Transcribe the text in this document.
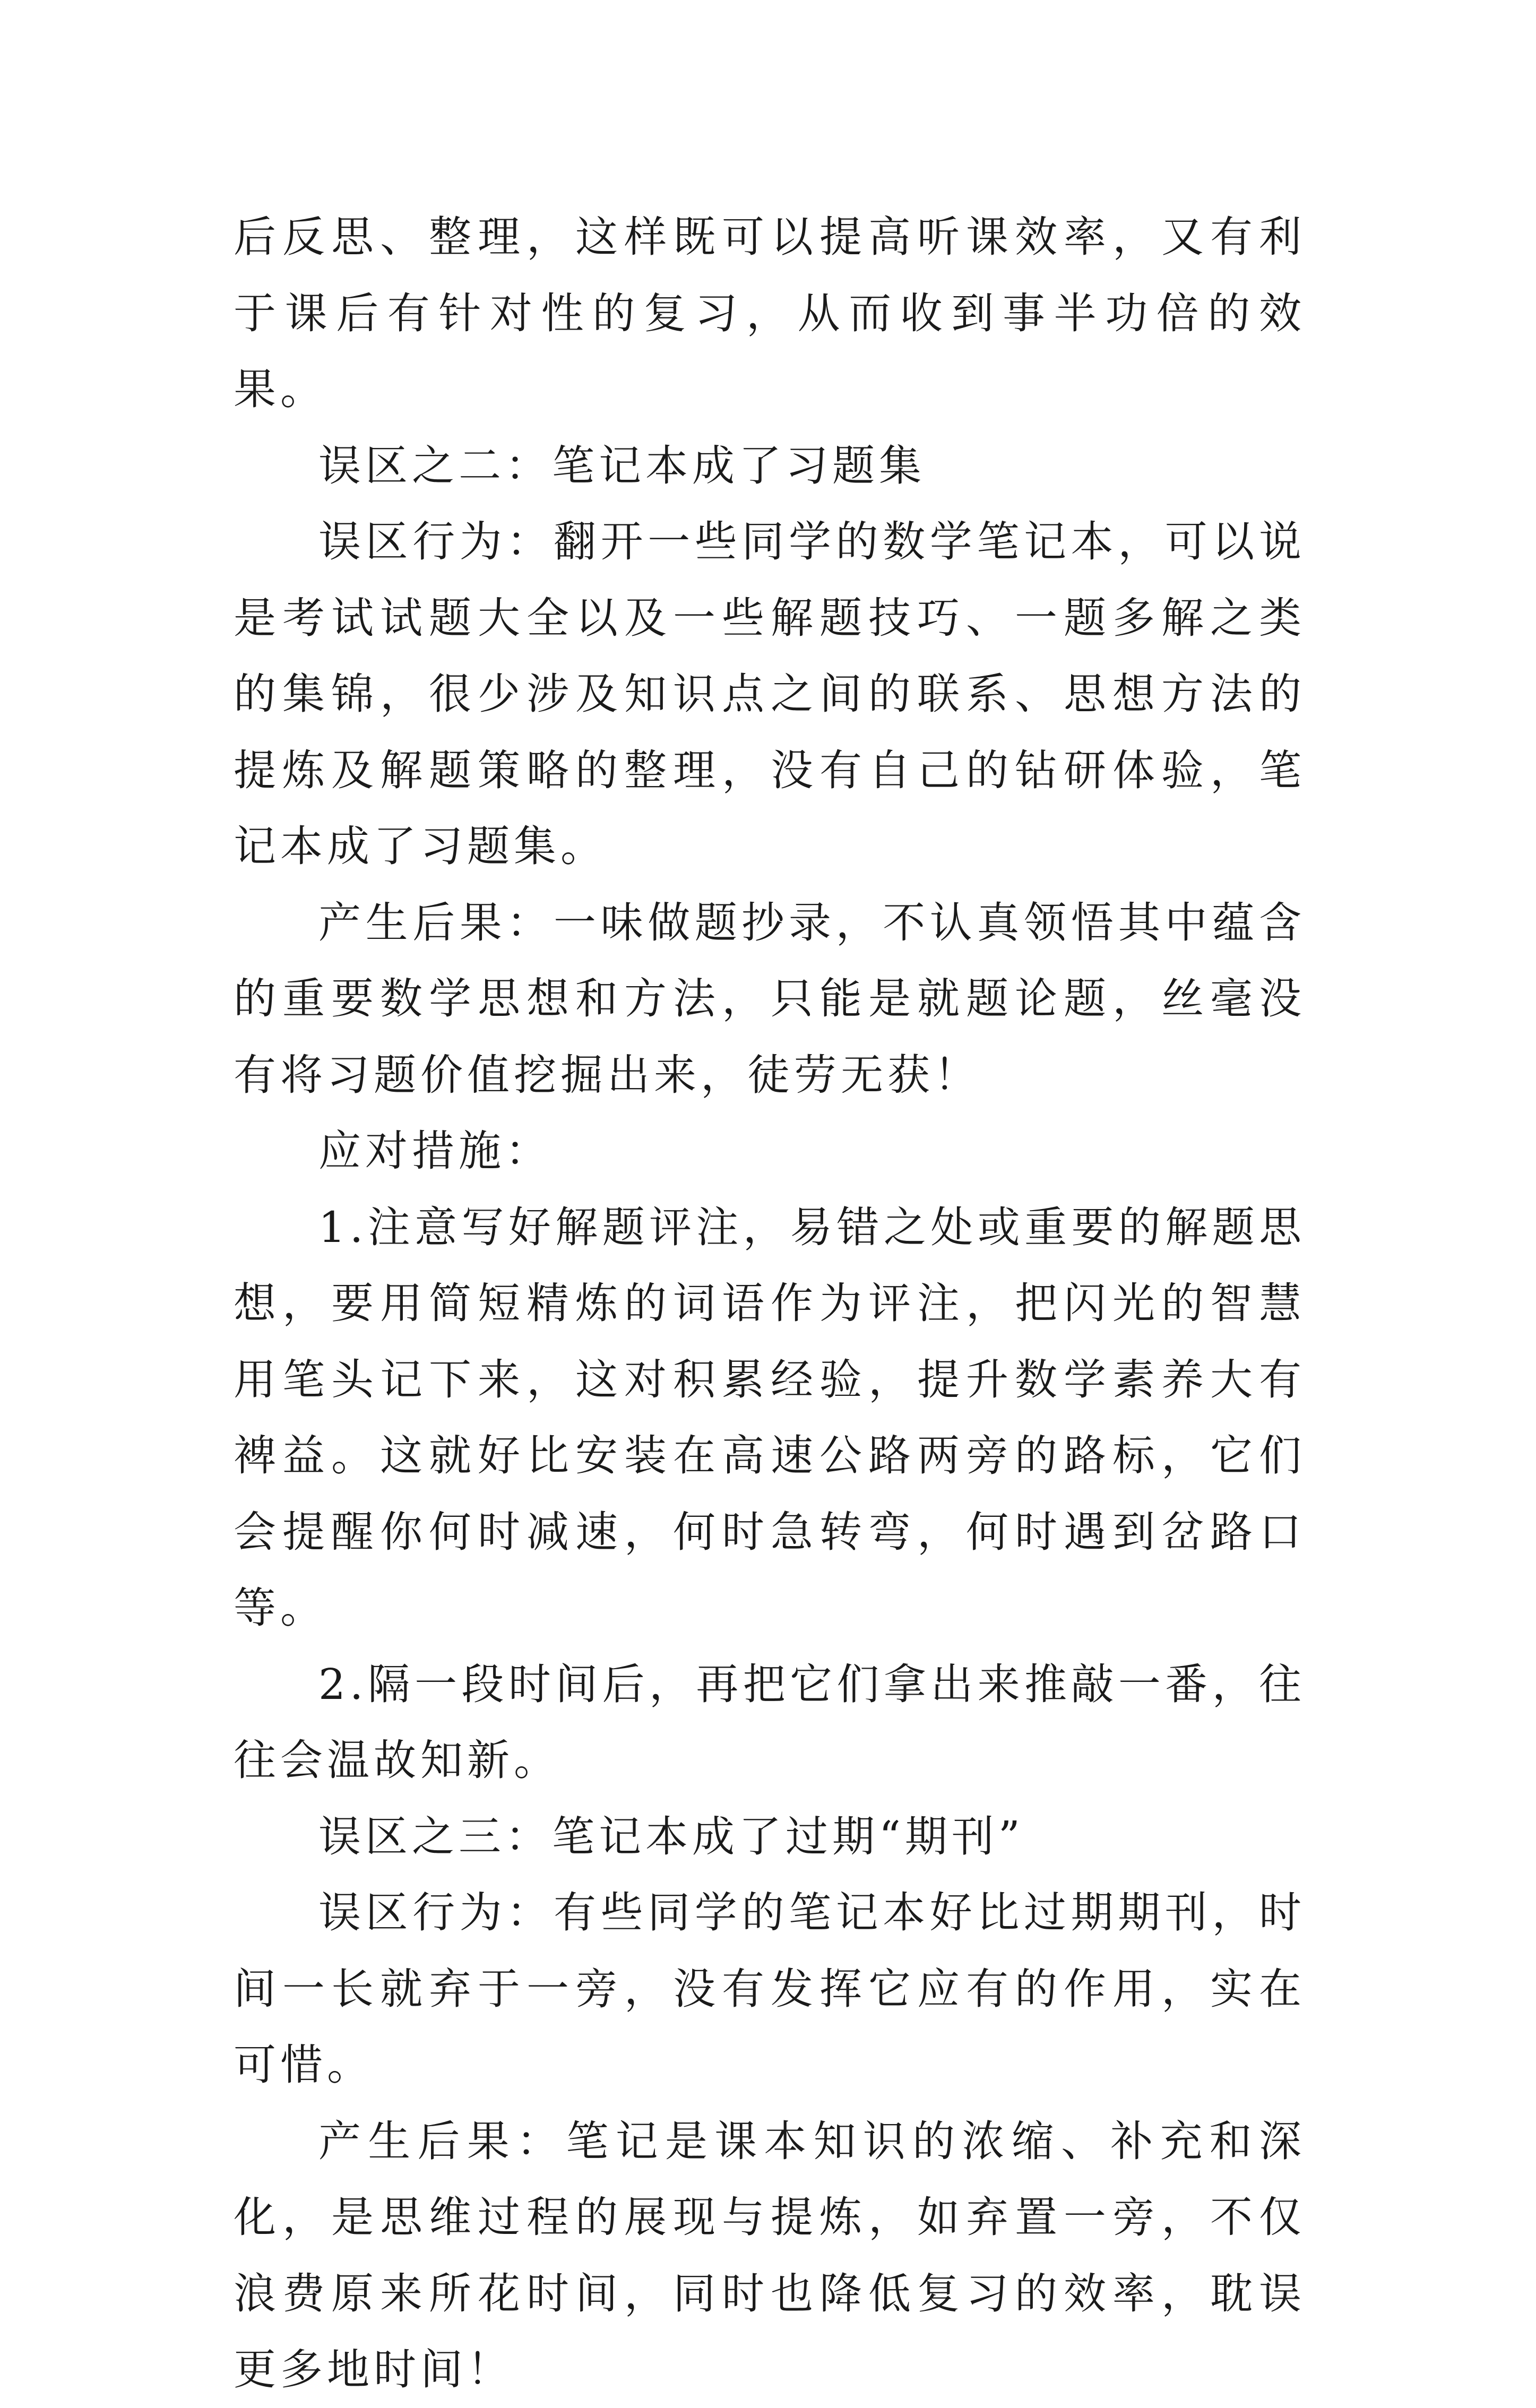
后反思、整理，这样既可以提高听课效率，又有利于课后有针对性的复习，从而收到事半功倍的效果。

误区之二：笔记本成了习题集

误区行为：翻开一些同学的数学笔记本，可以说是考试试题大全以及一些解题技巧、一题多解之类的集锦，很少涉及知识点之间的联系、思想方法的提炼及解题策略的整理，没有自己的钻研体验，笔记本成了习题集。

产生后果：一味做题抄录，不认真领悟其中蕴含的重要数学思想和方法，只能是就题论题，丝毫没有将习题价值挖掘出来，徒劳无获！

应对措施：

1.注意写好解题评注，易错之处或重要的解题思想，要用简短精炼的词语作为评注，把闪光的智慧用笔头记下来，这对积累经验，提升数学素养大有裨益。这就好比安装在高速公路两旁的路标，它们会提醒你何时减速，何时急转弯，何时遇到岔路口等。

2.隔一段时间后，再把它们拿出来推敲一番，往往会温故知新。

误区之三：笔记本成了过期“期刊”

误区行为：有些同学的笔记本好比过期期刊，时间一长就弃于一旁，没有发挥它应有的作用，实在可惜。

产生后果：笔记是课本知识的浓缩、补充和深化，是思维过程的展现与提炼，如弃置一旁，不仅浪费原来所花时间，同时也降低复习的效率，耽误更多地时间！
